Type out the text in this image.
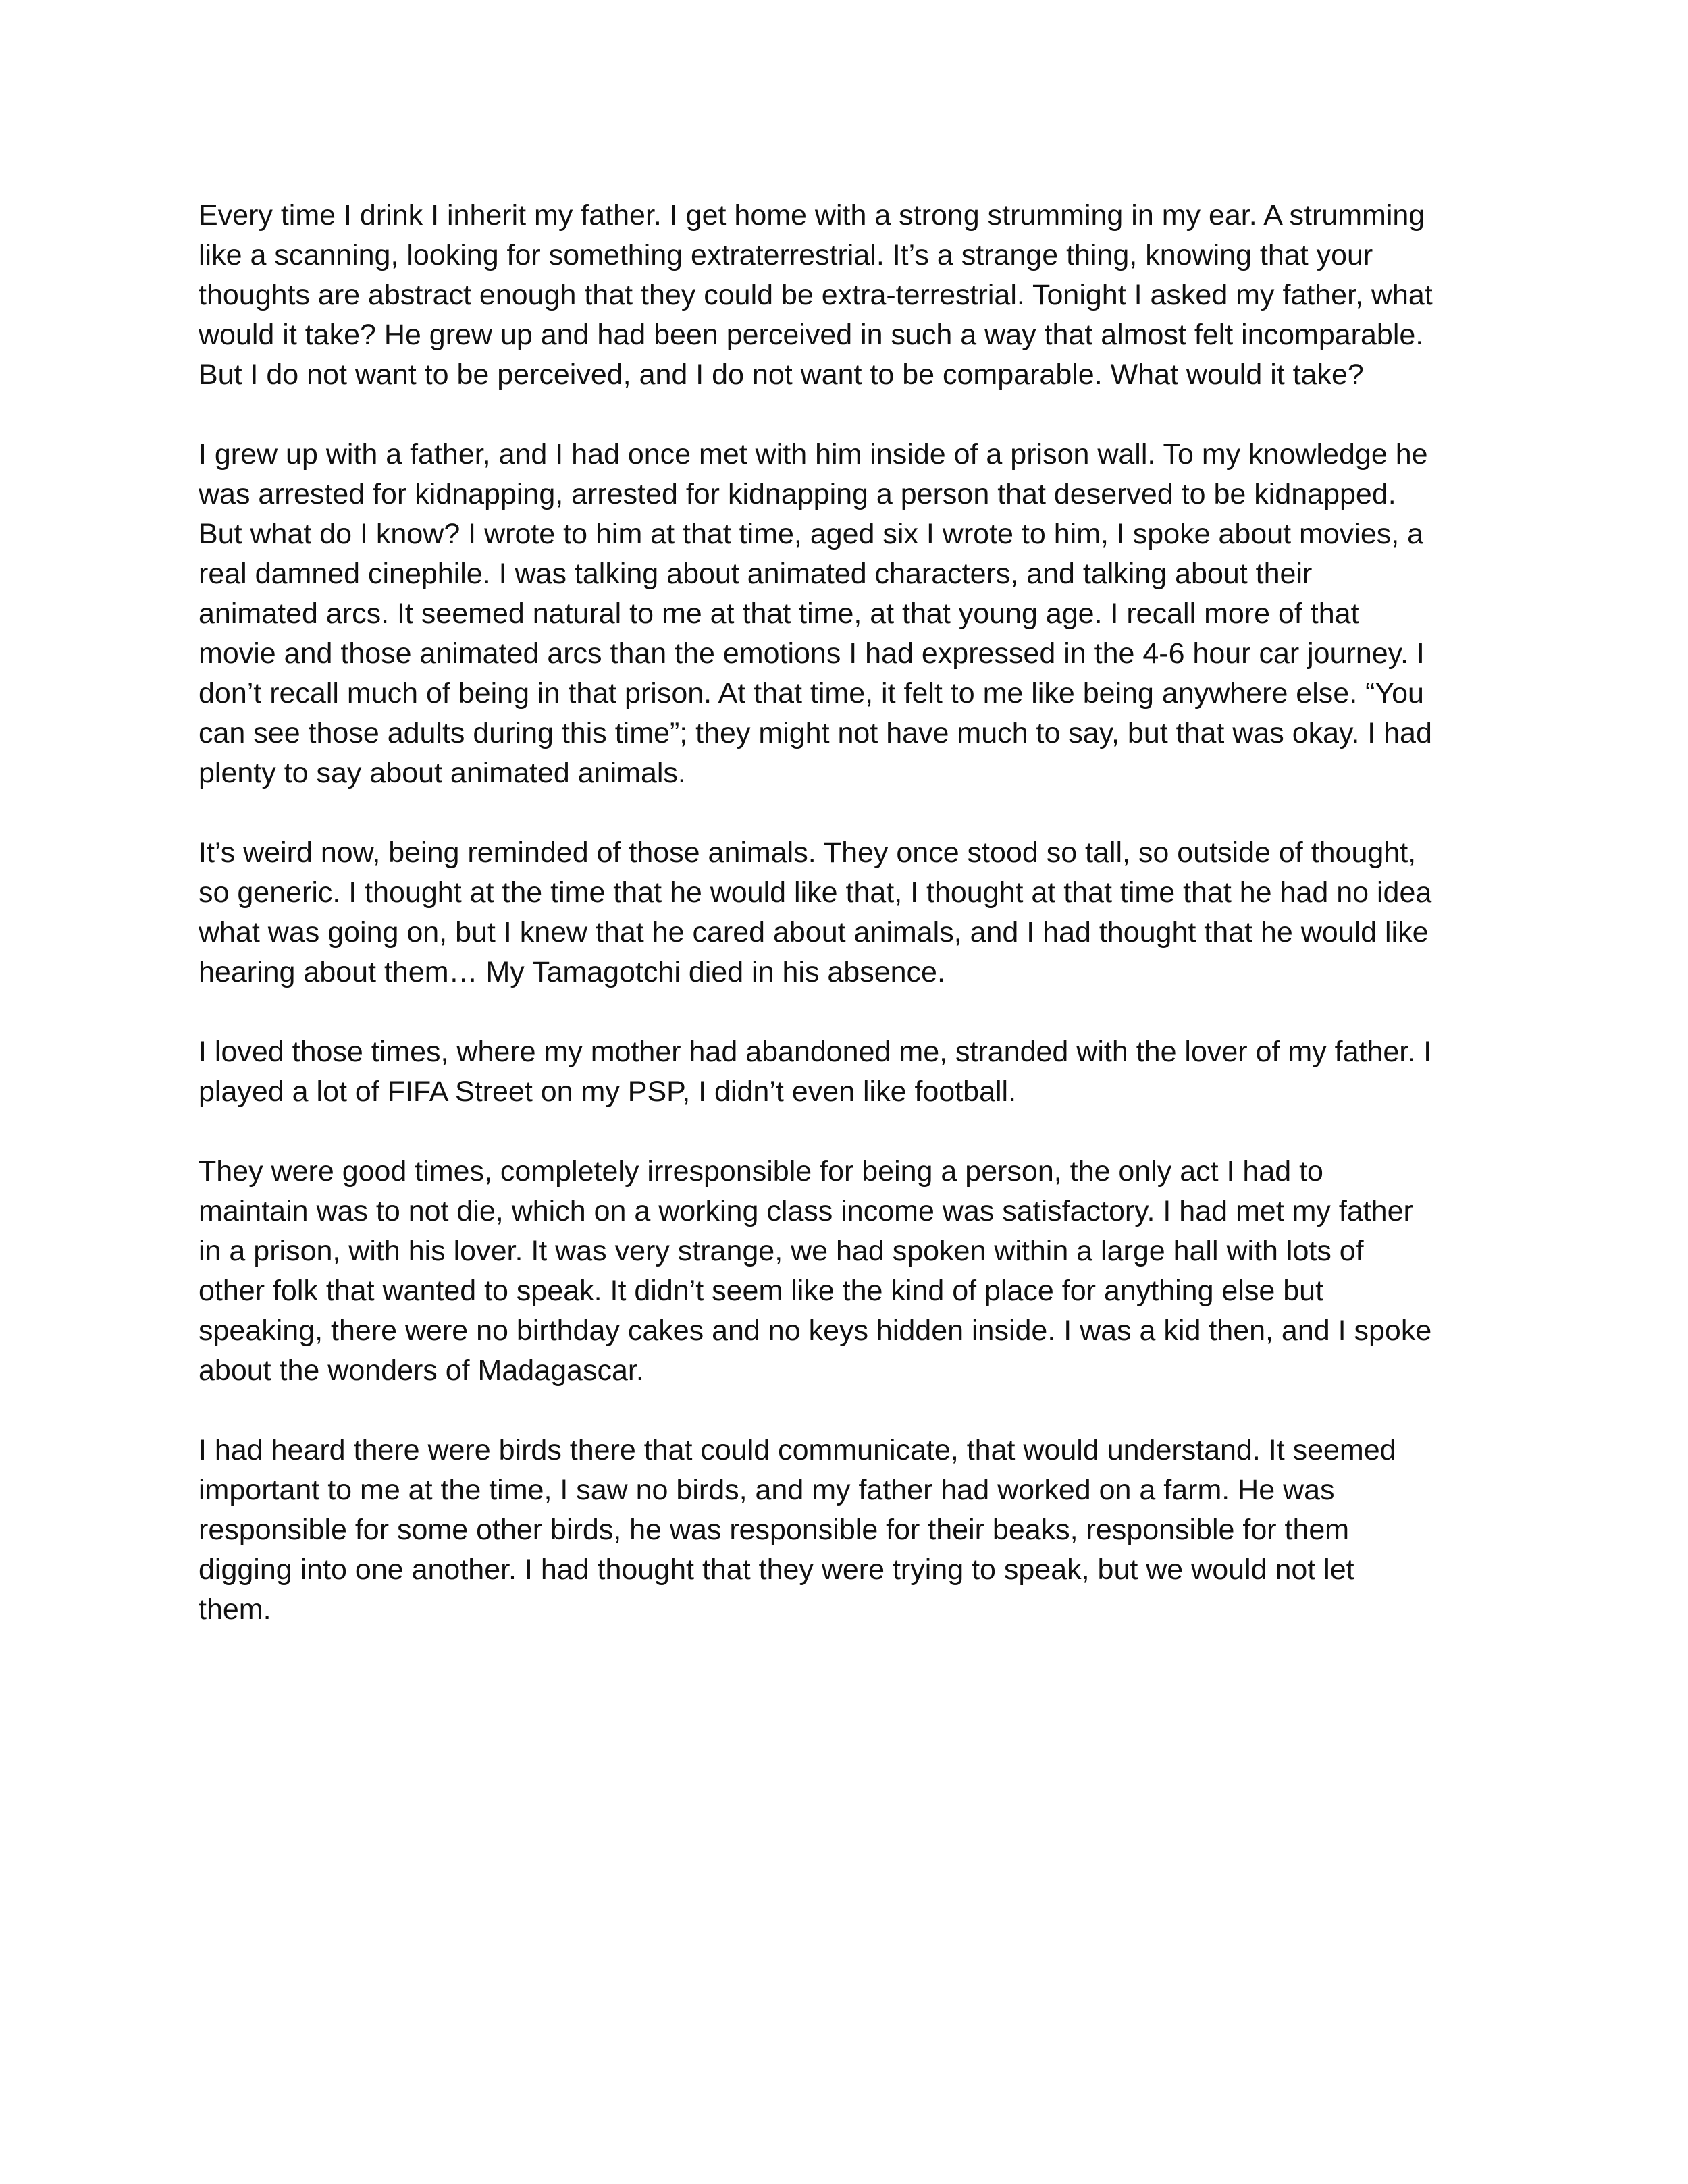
Every time I drink I inherit my father. I get home with a strong strumming in my ear. A strumming
like a scanning, looking for something extraterrestrial. It’s a strange thing, knowing that your
thoughts are abstract enough that they could be extra-terrestrial. Tonight I asked my father, what
would it take? He grew up and had been perceived in such a way that almost felt incomparable.
But I do not want to be perceived, and I do not want to be comparable. What would it take?

I grew up with a father, and I had once met with him inside of a prison wall. To my knowledge he
was arrested for kidnapping, arrested for kidnapping a person that deserved to be kidnapped.
But what do I know? I wrote to him at that time, aged six I wrote to him, I spoke about movies, a
real damned cinephile. I was talking about animated characters, and talking about their
animated arcs. It seemed natural to me at that time, at that young age. I recall more of that
movie and those animated arcs than the emotions I had expressed in the 4-6 hour car journey. I
don’t recall much of being in that prison. At that time, it felt to me like being anywhere else. “You
can see those adults during this time”; they might not have much to say, but that was okay. I had
plenty to say about animated animals.

It’s weird now, being reminded of those animals. They once stood so tall, so outside of thought,
so generic. I thought at the time that he would like that, I thought at that time that he had no idea
what was going on, but I knew that he cared about animals, and I had thought that he would like
hearing about them… My Tamagotchi died in his absence.

I loved those times, where my mother had abandoned me, stranded with the lover of my father. I
played a lot of FIFA Street on my PSP, I didn’t even like football.

They were good times, completely irresponsible for being a person, the only act I had to
maintain was to not die, which on a working class income was satisfactory. I had met my father
in a prison, with his lover. It was very strange, we had spoken within a large hall with lots of
other folk that wanted to speak. It didn’t seem like the kind of place for anything else but
speaking, there were no birthday cakes and no keys hidden inside. I was a kid then, and I spoke
about the wonders of Madagascar.

I had heard there were birds there that could communicate, that would understand. It seemed
important to me at the time, I saw no birds, and my father had worked on a farm. He was
responsible for some other birds, he was responsible for their beaks, responsible for them
digging into one another. I had thought that they were trying to speak, but we would not let
them.
